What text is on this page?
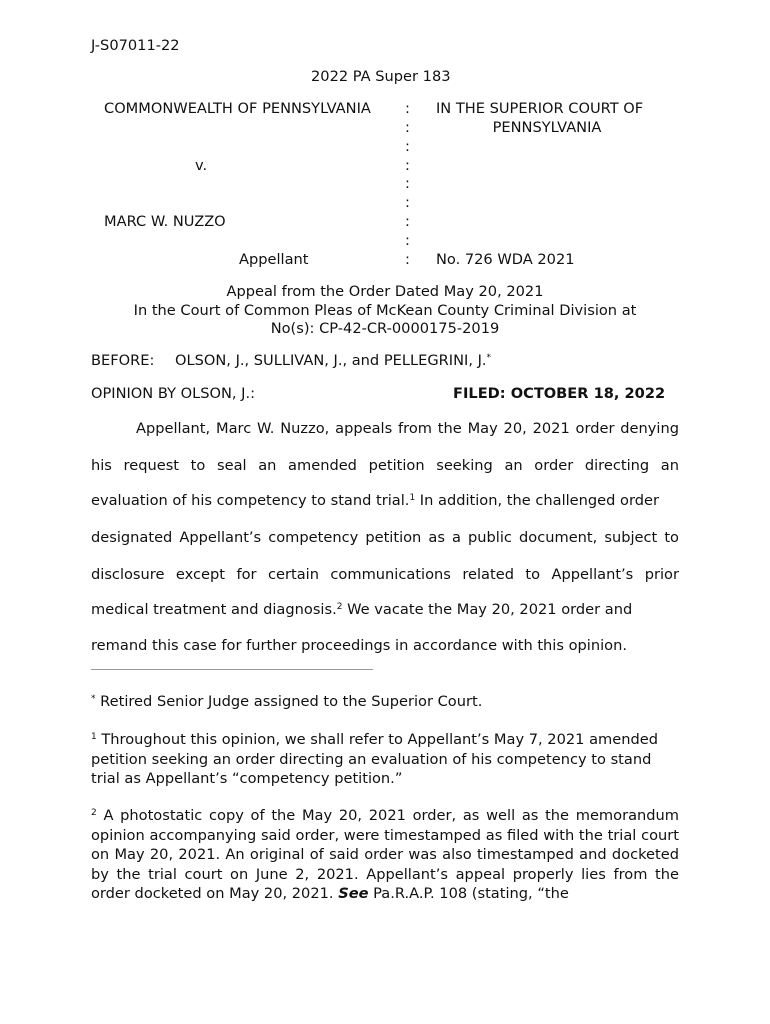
J-S07011-22
2022 PA Super 183
COMMONWEALTH OF PENNSYLVANIA
v.
MARC W. NUZZO
Appellant
:
:
:
:
:
:
:
:
:
IN THE SUPERIOR COURT OF
PENNSYLVANIA
No. 726 WDA 2021
Appeal from the Order Dated May 20, 2021
In the Court of Common Pleas of McKean County Criminal Division at
No(s): CP-42-CR-0000175-2019
BEFORE: OLSON, J., SULLIVAN, J., and PELLEGRINI, J.*
OPINION BY OLSON, J.:	FILED: OCTOBER 18, 2022
Appellant, Marc W. Nuzzo, appeals from the May 20, 2021 order denying
his request to seal an amended petition seeking an order directing an
evaluation of his competency to stand trial.$^1$ In addition, the challenged order
designated Appellant’s competency petition as a public document, subject to
disclosure except for certain communications related to Appellant’s prior
medical treatment and diagnosis.$^2$ We vacate the May 20, 2021 order and
remand this case for further proceedings in accordance with this opinion.

* Retired Senior Judge assigned to the Superior Court.

$^1$ Throughout this opinion, we shall refer to Appellant’s May 7, 2021 amended petition seeking an order directing an evaluation of his competency to stand trial as Appellant’s “competency petition.”

$^2$ A photostatic copy of the May 20, 2021 order, as well as the memorandum opinion accompanying said order, were timestamped as filed with the trial court on May 20, 2021. An original of said order was also timestamped and docketed by the trial court on June 2, 2021. Appellant’s appeal properly lies from the order docketed on May 20, 2021. See Pa.R.A.P. 108 (stating, “the
